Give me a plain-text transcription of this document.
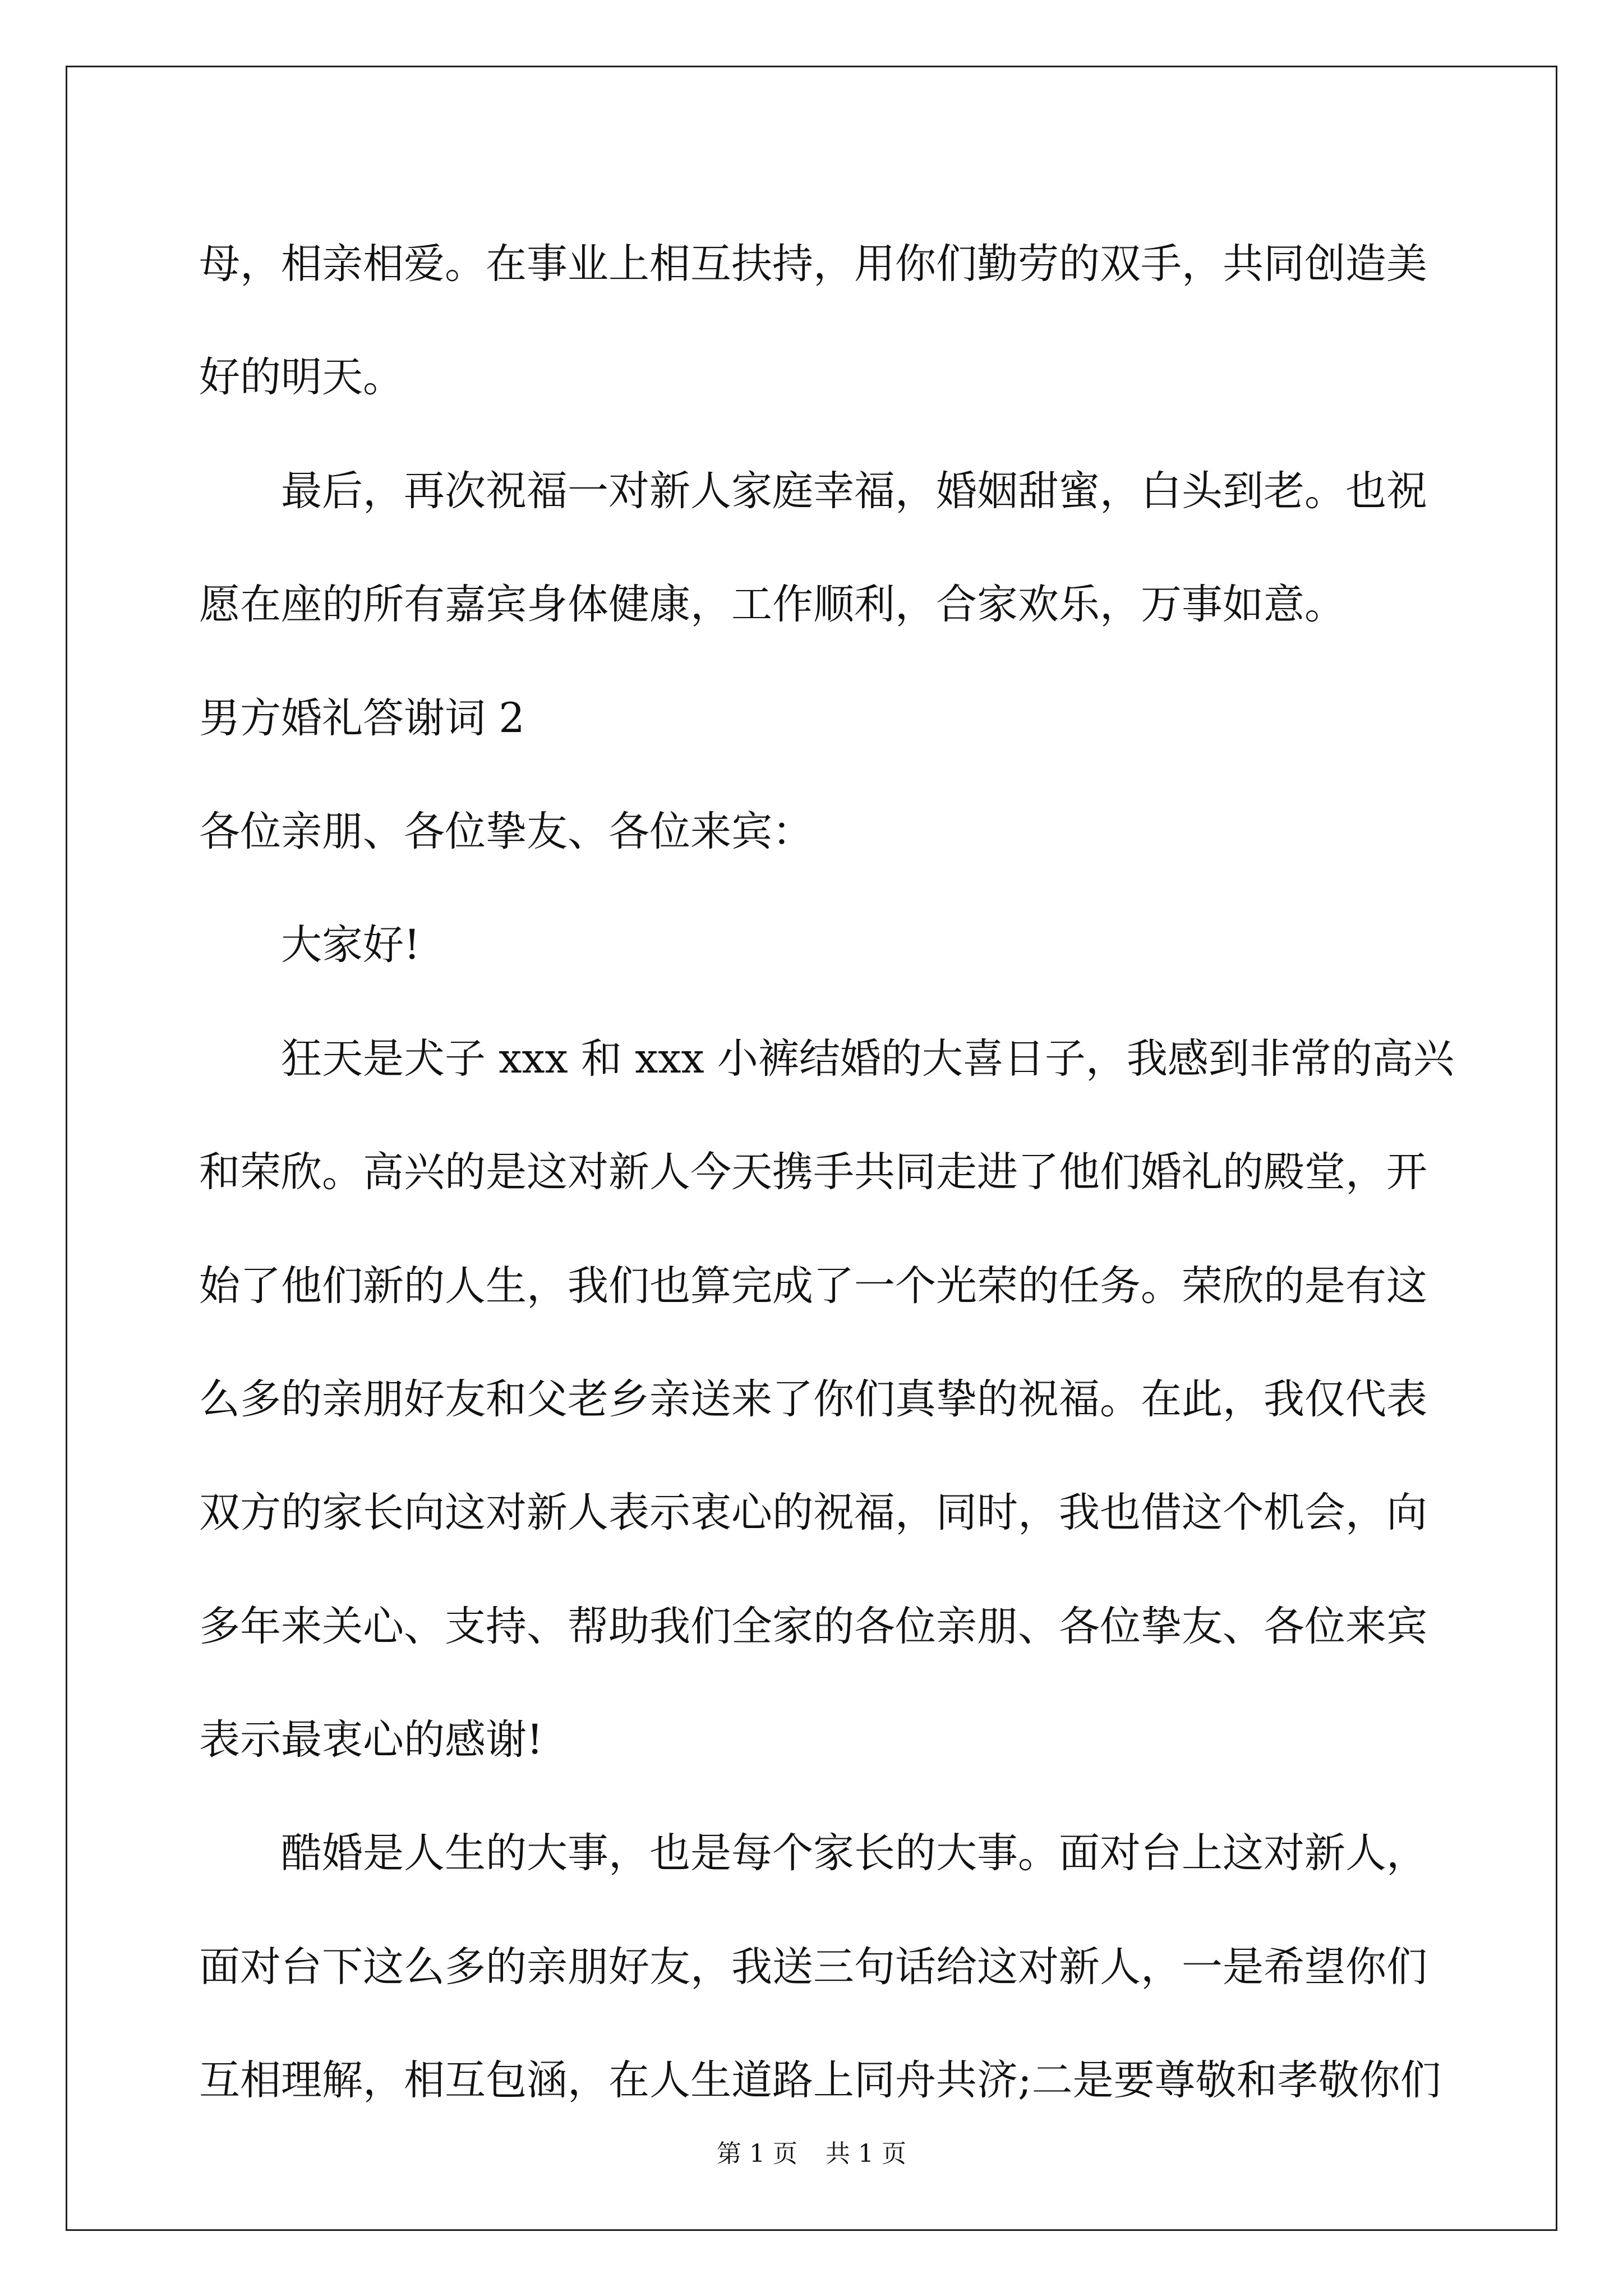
母，相亲相爱。在事业上相互扶持，用你们勤劳的双手，共同创造美
好的明天。
最后，再次祝福一对新人家庭幸福，婚姻甜蜜，白头到老。也祝
愿在座的所有嘉宾身体健康，工作顺利，合家欢乐，万事如意。
男方婚礼答谢词 2
各位亲朋、各位挚友、各位来宾：
大家好!
狂天是犬子 xxx 和 xxx 小裤结婚的大喜日子，我感到非常的高兴
和荣欣。高兴的是这对新人今天携手共同走进了他们婚礼的殿堂，开
始了他们新的人生，我们也算完成了一个光荣的任务。荣欣的是有这
么多的亲朋好友和父老乡亲送来了你们真挚的祝福。在此，我仅代表
双方的家长向这对新人表示衷心的祝福，同时，我也借这个机会，向
多年来关心、支持、帮助我们全家的各位亲朋、各位挚友、各位来宾
表示最衷心的感谢!
酷婚是人生的大事，也是每个家长的大事。面对台上这对新人，
面对台下这么多的亲朋好友，我送三句话给这对新人，一是希望你们
互相理解，相互包涵，在人生道路上同舟共济;二是要尊敬和孝敬你们
第 1 页 共 1 页
